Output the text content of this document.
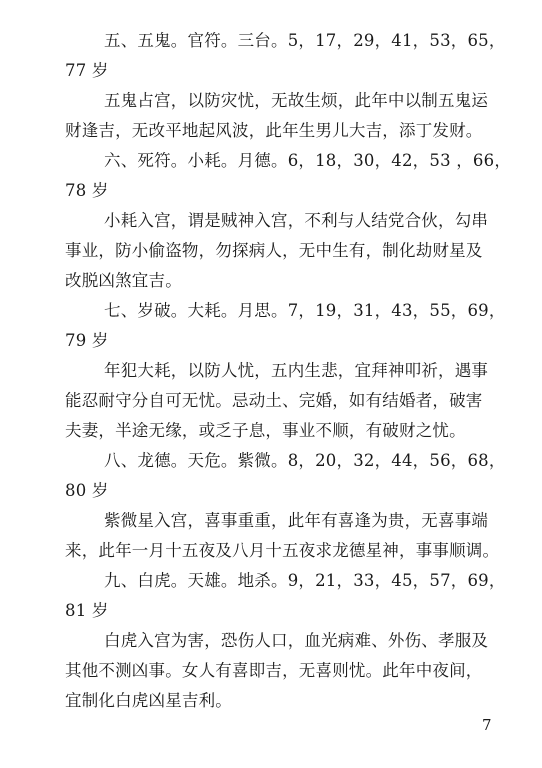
五、五鬼。官符。三台。5，17，29，41，53，65，
77 岁
五鬼占宫，以防灾忧，无故生烦，此年中以制五鬼运
财逢吉，无改平地起风波，此年生男儿大吉，添丁发财。
六、死符。小耗。月德。6，18，30，42，53 ，66，
78 岁
小耗入宫，谓是贼神入宫，不利与人结党合伙，勾串
事业，防小偷盗物，勿探病人，无中生有，制化劫财星及
改脱凶煞宜吉。
七、岁破。大耗。月思。7，19，31，43，55，69，
79 岁
年犯大耗，以防人忧，五内生悲，宜拜神叩祈，遇事
能忍耐守分自可无忧。忌动土、完婚，如有结婚者，破害
夫妻，半途无缘，或乏子息，事业不顺，有破财之忧。
八、龙德。天危。紫微。8，20，32，44，56，68，
80 岁
紫微星入宫，喜事重重，此年有喜逢为贵，无喜事端
来，此年一月十五夜及八月十五夜求龙德星神，事事顺调。
九、白虎。天雄。地杀。9，21，33，45，57，69，
81 岁
白虎入宫为害，恐伤人口，血光病难、外伤、孝服及
其他不测凶事。女人有喜即吉，无喜则忧。此年中夜间，
宜制化白虎凶星吉利。
7
